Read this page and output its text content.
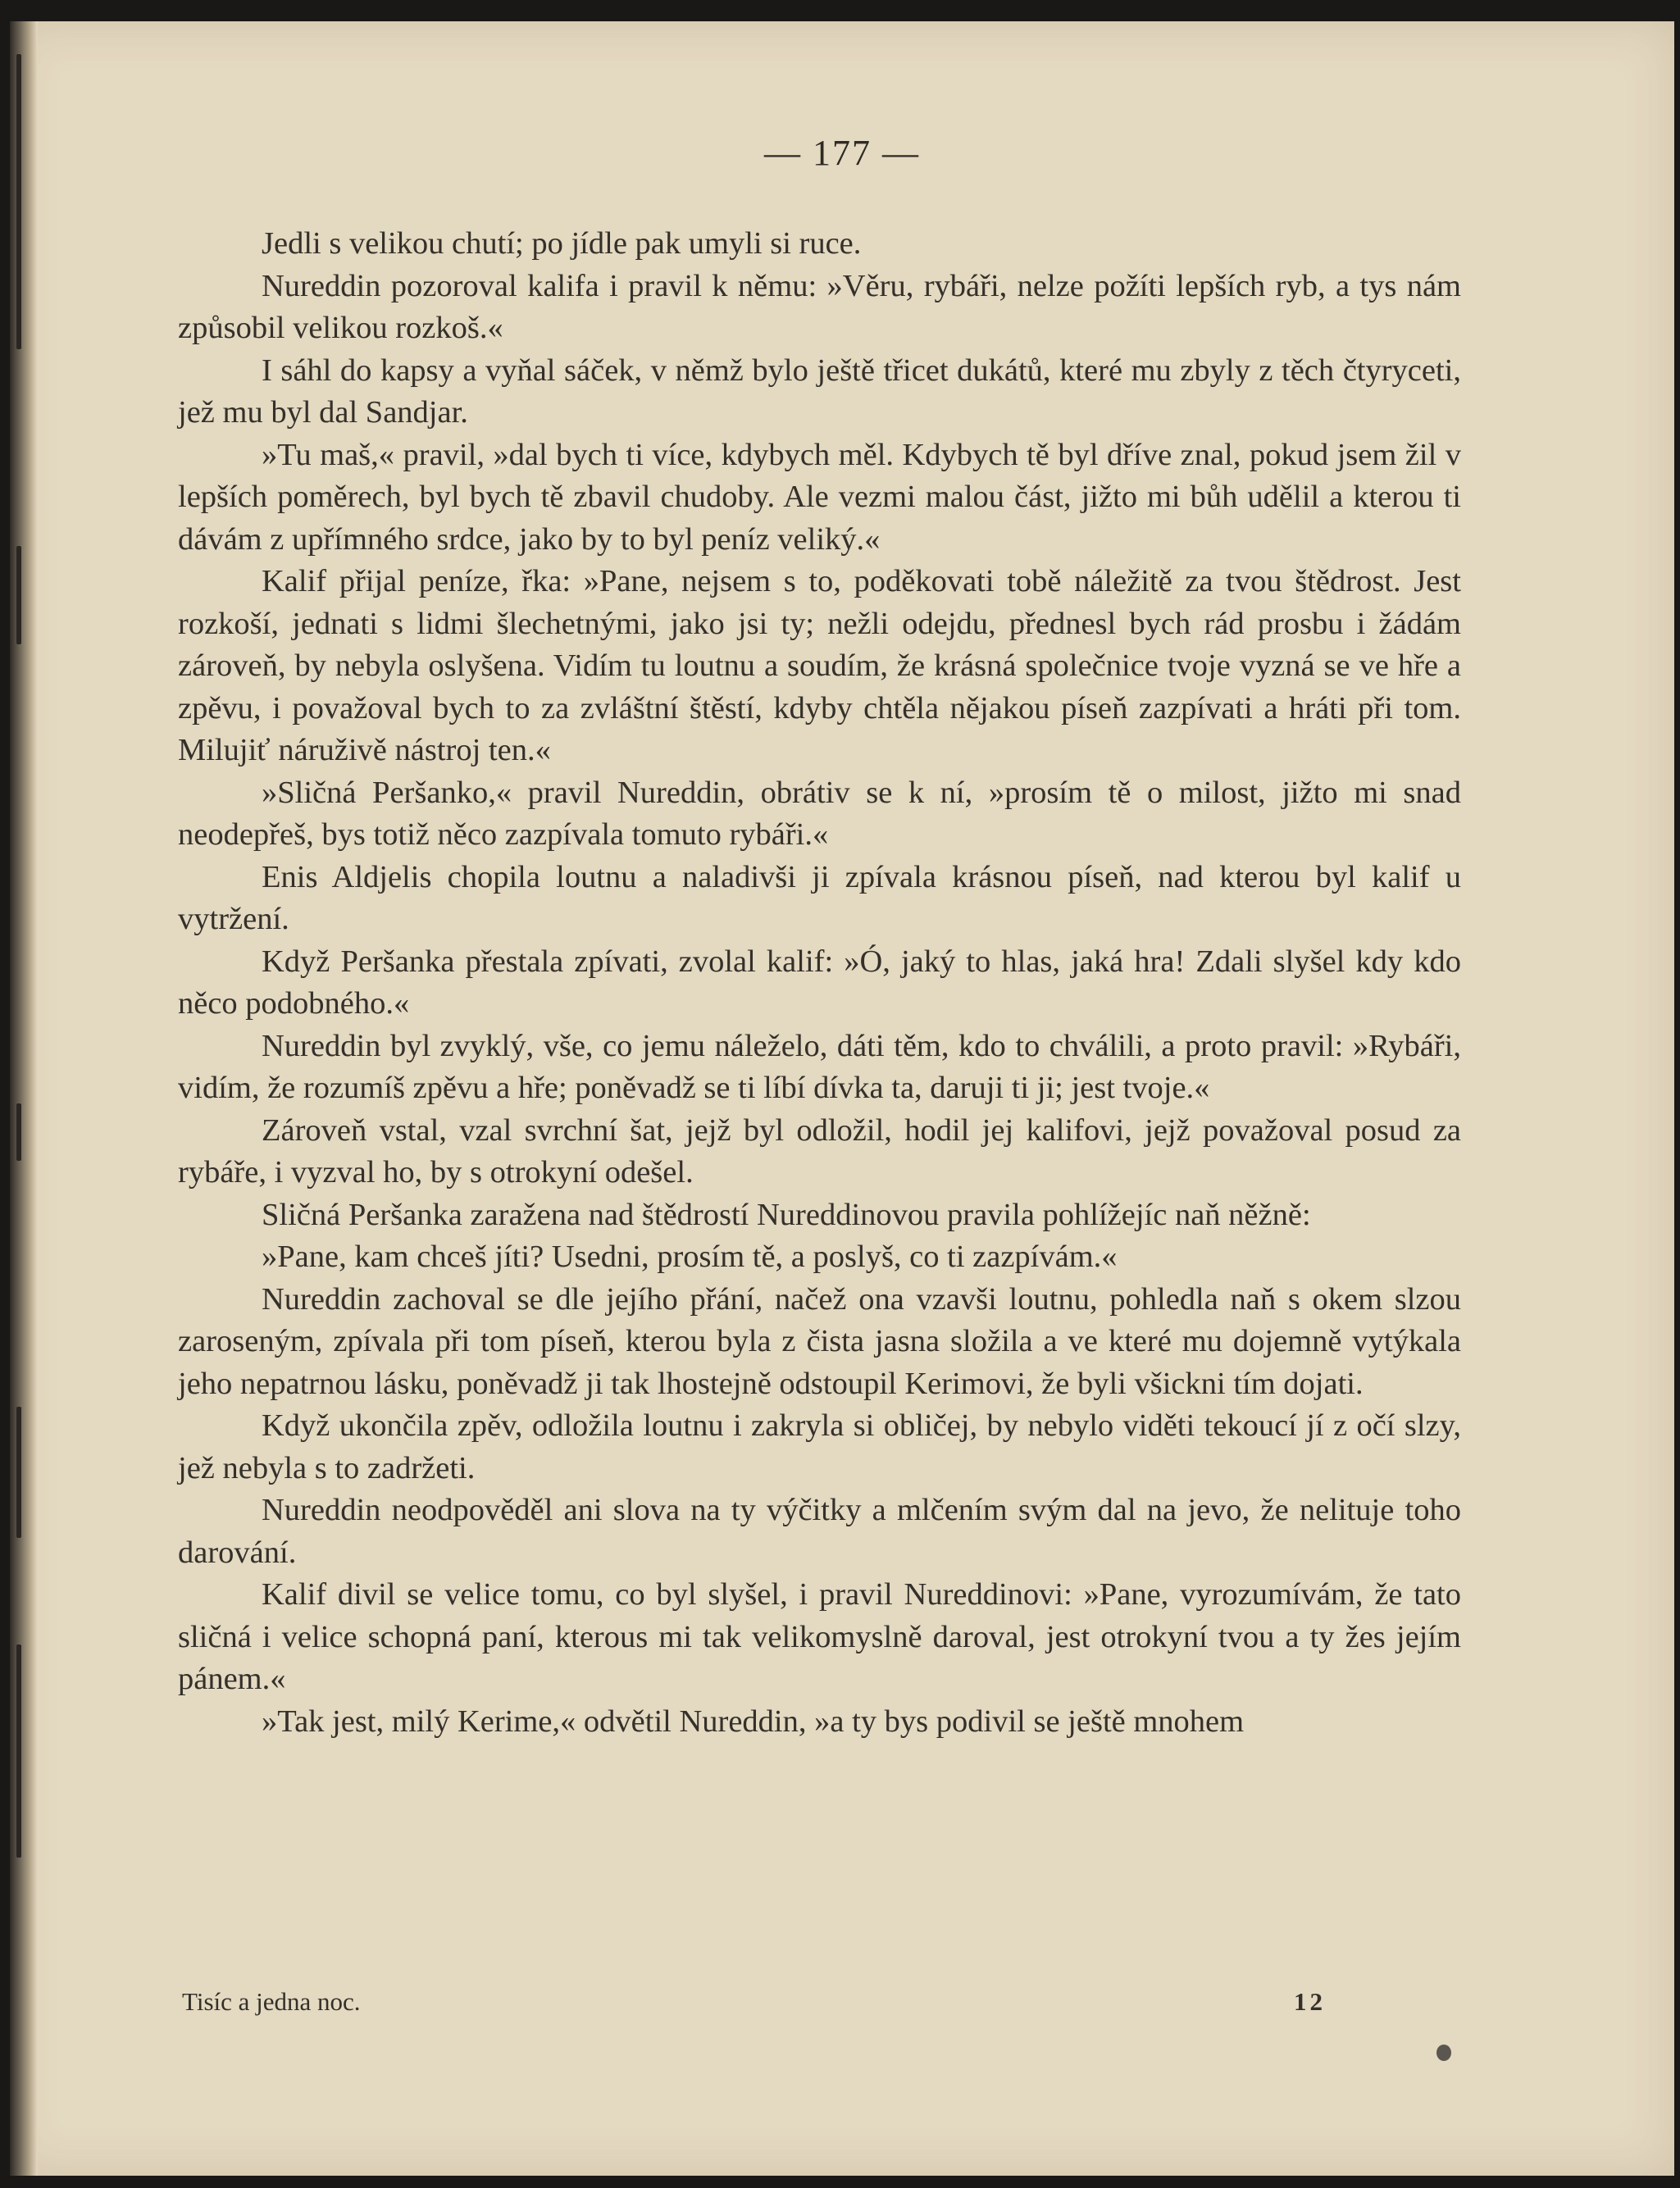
— 177 —

Jedli s velikou chutí; po jídle pak umyli si ruce.

Nureddin pozoroval kalifa i pravil k němu: »Věru, rybáři, nelze požíti lepších ryb, a tys nám způsobil velikou rozkoš.«

I sáhl do kapsy a vyňal sáček, v němž bylo ještě třicet dukátů, které mu zbyly z těch čtyryceti, jež mu byl dal Sandjar.

»Tu maš,« pravil, »dal bych ti více, kdybych měl. Kdybych tě byl dříve znal, pokud jsem žil v lepších poměrech, byl bych tě zbavil chudoby. Ale vezmi malou část, jižto mi bůh udělil a kterou ti dávám z upřímného srdce, jako by to byl peníz veliký.«

Kalif přijal peníze, řka: »Pane, nejsem s to, poděkovati tobě náležitě za tvou štědrost. Jest rozkoší, jednati s lidmi šlechetnými, jako jsi ty; nežli odejdu, přednesl bych rád prosbu i žádám zároveň, by nebyla oslyšena. Vidím tu loutnu a soudím, že krásná společnice tvoje vyzná se ve hře a zpěvu, i považoval bych to za zvláštní štěstí, kdyby chtěla nějakou píseň zazpívati a hráti při tom. Milujiť náruživě nástroj ten.«

»Sličná Peršanko,« pravil Nureddin, obrátiv se k ní, »prosím tě o milost, jižto mi snad neodepřeš, bys totiž něco zazpívala tomuto rybáři.«

Enis Aldjelis chopila loutnu a naladivši ji zpívala krásnou píseň, nad kterou byl kalif u vytržení.

Když Peršanka přestala zpívati, zvolal kalif: »Ó, jaký to hlas, jaká hra! Zdali slyšel kdy kdo něco podobného.«

Nureddin byl zvyklý, vše, co jemu náleželo, dáti těm, kdo to chválili, a proto pravil: »Rybáři, vidím, že rozumíš zpěvu a hře; poněvadž se ti líbí dívka ta, daruji ti ji; jest tvoje.«

Zároveň vstal, vzal svrchní šat, jejž byl odložil, hodil jej kalifovi, jejž považoval posud za rybáře, i vyzval ho, by s otrokyní odešel.

Sličná Peršanka zaražena nad štědrostí Nureddinovou pravila pohlížejíc naň něžně:

»Pane, kam chceš jíti? Usedni, prosím tě, a poslyš, co ti zazpívám.«

Nureddin zachoval se dle jejího přání, načež ona vzavši loutnu, pohledla naň s okem slzou zaroseným, zpívala při tom píseň, kterou byla z čista jasna složila a ve které mu dojemně vytýkala jeho nepatrnou lásku, poněvadž ji tak lhostejně odstoupil Kerimovi, že byli všickni tím dojati.

Když ukončila zpěv, odložila loutnu i zakryla si obličej, by nebylo viděti tekoucí jí z očí slzy, jež nebyla s to zadržeti.

Nureddin neodpověděl ani slova na ty výčitky a mlčením svým dal na jevo, že nelituje toho darování.

Kalif divil se velice tomu, co byl slyšel, i pravil Nureddinovi: »Pane, vyrozumívám, že tato sličná i velice schopná paní, kterous mi tak velikomyslně daroval, jest otrokyní tvou a ty žes jejím pánem.«

»Tak jest, milý Kerime,« odvětil Nureddin, »a ty bys podivil se ještě mnohem

Tisíc a jedna noc.	12
